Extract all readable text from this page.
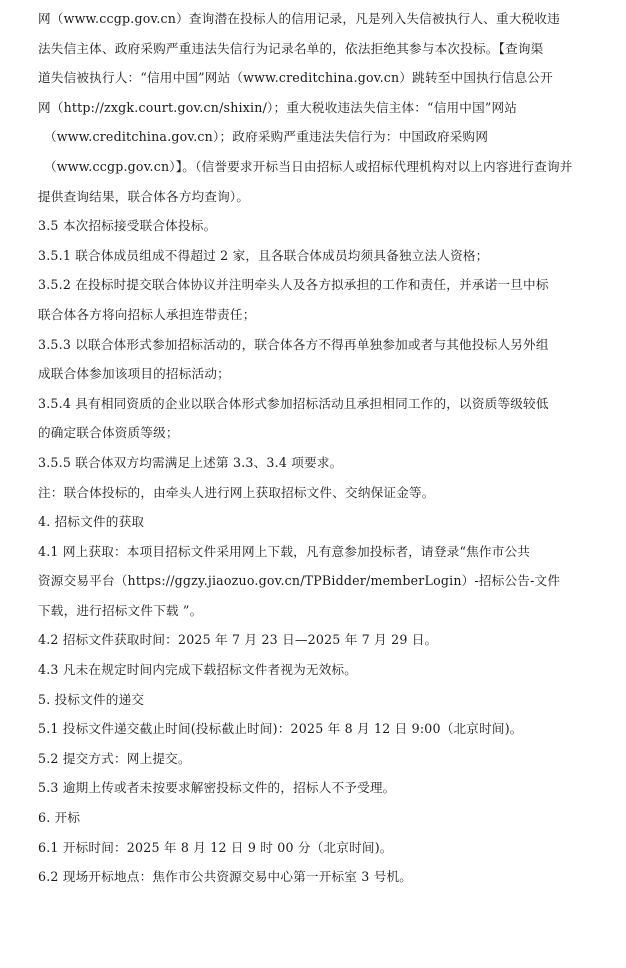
网（www.ccgp.gov.cn）查询潜在投标人的信用记录，凡是列入失信被执行人、重大税收违
法失信主体、政府采购严重违法失信行为记录名单的，依法拒绝其参与本次投标。【查询渠
道失信被执行人：“信用中国”网站（www.creditchina.gov.cn）跳转至中国执行信息公开
网（http://zxgk.court.gov.cn/shixin/）；重大税收违法失信主体：“信用中国”网站
（www.creditchina.gov.cn）；政府采购严重违法失信行为：中国政府采购网
（www.ccgp.gov.cn）】。（信誉要求开标当日由招标人或招标代理机构对以上内容进行查询并
提供查询结果，联合体各方均查询）。

3.5 本次招标接受联合体投标。

3.5.1 联合体成员组成不得超过 2 家，且各联合体成员均须具备独立法人资格；

3.5.2 在投标时提交联合体协议并注明牵头人及各方拟承担的工作和责任，并承诺一旦中标
联合体各方将向招标人承担连带责任；

3.5.3 以联合体形式参加招标活动的，联合体各方不得再单独参加或者与其他投标人另外组
成联合体参加该项目的招标活动；

3.5.4 具有相同资质的企业以联合体形式参加招标活动且承担相同工作的，以资质等级较低
的确定联合体资质等级；

3.5.5 联合体双方均需满足上述第 3.3、3.4 项要求。

注：联合体投标的，由牵头人进行网上获取招标文件、交纳保证金等。

4. 招标文件的获取

4.1 网上获取：本项目招标文件采用网上下载，凡有意参加投标者，请登录“焦作市公共
资源交易平台（https://ggzy.jiaozuo.gov.cn/TPBidder/memberLogin）-招标公告-文件
下载，进行招标文件下载 ”。

4.2 招标文件获取时间：2025 年 7 月 23 日—2025 年 7 月 29 日。

4.3 凡未在规定时间内完成下载招标文件者视为无效标。

5. 投标文件的递交

5.1 投标文件递交截止时间(投标截止时间)：2025 年 8 月 12 日 9:00（北京时间)。

5.2 提交方式：网上提交。

5.3 逾期上传或者未按要求解密投标文件的，招标人不予受理。

6. 开标

6.1 开标时间：2025 年 8 月 12 日 9 时 00 分（北京时间)。

6.2 现场开标地点：焦作市公共资源交易中心第一开标室 3 号机。
